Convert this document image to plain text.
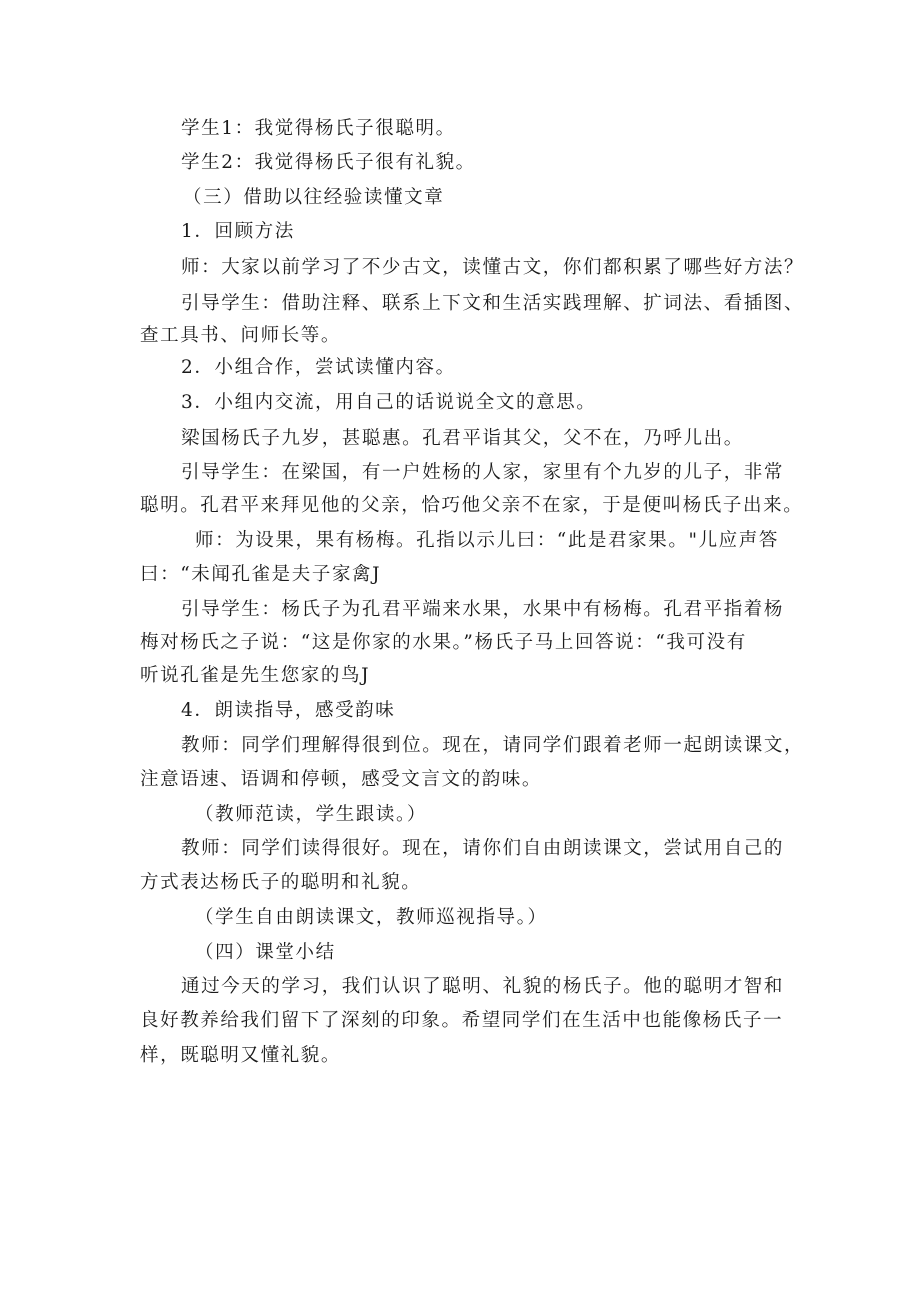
学生1：我觉得杨氏子很聪明。
学生2：我觉得杨氏子很有礼貌。
（三）借助以往经验读懂文章
1．回顾方法
师：大家以前学习了不少古文，读懂古文，你们都积累了哪些好方法？
引导学生：借助注释、联系上下文和生活实践理解、扩词法、看插图、
查工具书、问师长等。
2．小组合作，尝试读懂内容。
3．小组内交流，用自己的话说说全文的意思。
梁国杨氏子九岁，甚聪惠。孔君平诣其父，父不在，乃呼儿出。
引导学生：在梁国，有一户姓杨的人家，家里有个九岁的儿子，非常
聪明。孔君平来拜见他的父亲，恰巧他父亲不在家，于是便叫杨氏子出来。
师：为设果，果有杨梅。孔指以示儿曰：“此是君家果。"儿应声答
曰：“未闻孔雀是夫子家禽J
引导学生：杨氏子为孔君平端来水果，水果中有杨梅。孔君平指着杨
梅对杨氏之子说：“这是你家的水果。”杨氏子马上回答说：“我可没有
听说孔雀是先生您家的鸟J
4．朗读指导，感受韵味
教师：同学们理解得很到位。现在，请同学们跟着老师一起朗读课文，
注意语速、语调和停顿，感受文言文的韵味。
（教师范读，学生跟读。）
教师：同学们读得很好。现在，请你们自由朗读课文，尝试用自己的
方式表达杨氏子的聪明和礼貌。
（学生自由朗读课文，教师巡视指导。）
（四）课堂小结
通过今天的学习，我们认识了聪明、礼貌的杨氏子。他的聪明才智和
良好教养给我们留下了深刻的印象。希望同学们在生活中也能像杨氏子一
样，既聪明又懂礼貌。
